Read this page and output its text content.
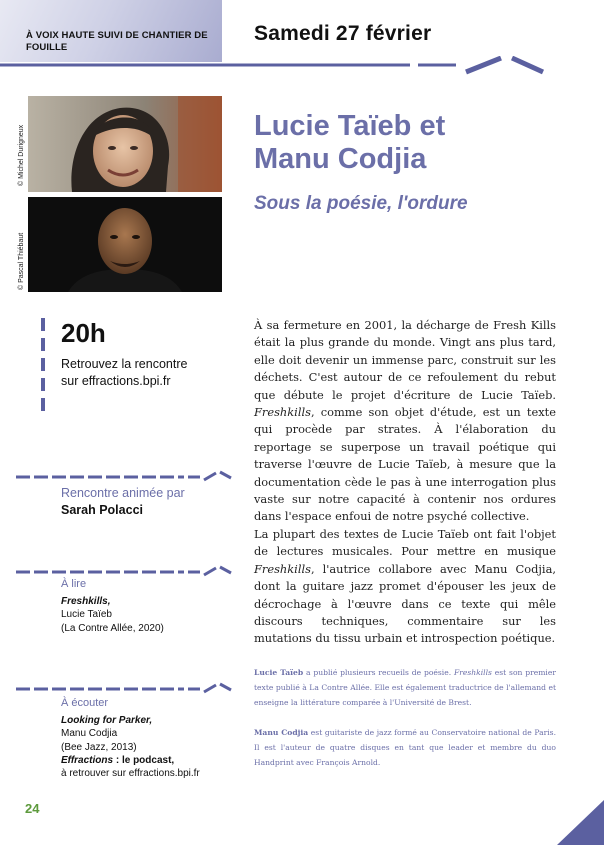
À VOIX HAUTE SUIVI DE CHANTIER DE FOUILLE
Samedi 27 février
© Michel Durigneux
© Pascal Thiébaut
Lucie Taïeb et
Manu Codjia
Sous la poésie, l'ordure
20h
Retrouvez la rencontre
sur effractions.bpi.fr
Rencontre animée par
Sarah Polacci
À lire
Freshkills,
Lucie Taïeb
(La Contre Allée, 2020)
À écouter
Looking for Parker,
Manu Codjia
(Bee Jazz, 2013)
Effractions : le podcast,
à retrouver sur effractions.bpi.fr

À sa fermeture en 2001, la décharge de Fresh Kills était la plus grande du monde. Vingt ans plus tard, elle doit devenir un immense parc, construit sur les déchets. C'est autour de ce refoulement du rebut que débute le projet d'écriture de Lucie Taïeb. Freshkills, comme son objet d'étude, est un texte qui procède par strates. À l'élaboration du reportage se superpose un travail poétique qui traverse l'œuvre de Lucie Taïeb, à mesure que la documentation cède le pas à une interrogation plus vaste sur notre capacité à contenir nos ordures dans l'espace enfoui de notre psyché collective.

La plupart des textes de Lucie Taïeb ont fait l'objet de lectures musicales. Pour mettre en musique Freshkills, l'autrice collabore avec Manu Codjia, dont la guitare jazz promet d'épouser les jeux de décrochage à l'œuvre dans ce texte qui mêle discours techniques, commentaire sur les mutations du tissu urbain et introspection poétique.

Lucie Taïeb a publié plusieurs recueils de poésie. Freshkills est son premier texte publié à La Contre Allée. Elle est également traductrice de l'allemand et enseigne la littérature comparée à l'Université de Brest.

Manu Codjia est guitariste de jazz formé au Conservatoire national de Paris. Il est l'auteur de quatre disques en tant que leader et membre du duo Handprint avec François Arnold.

24
